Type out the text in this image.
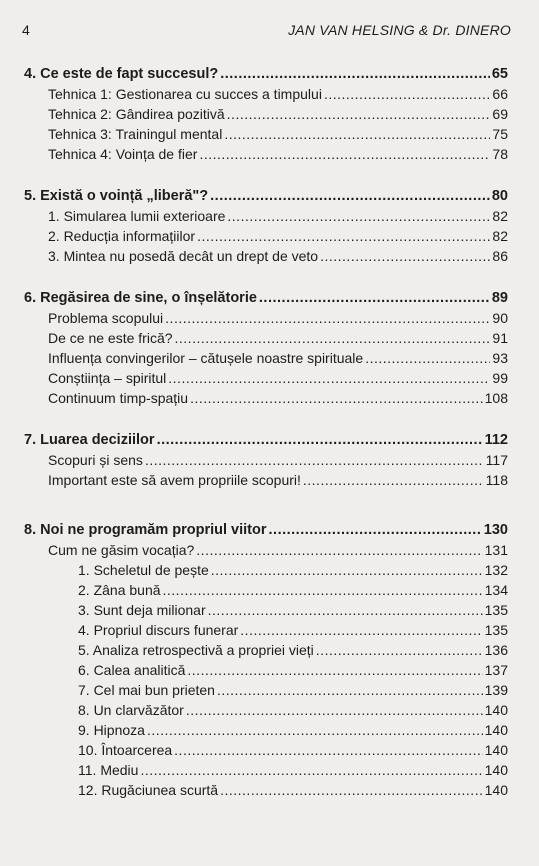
4	JAN VAN HELSING & Dr. DINERO
4. Ce este de fapt succesul? .....	65
Tehnica 1: Gestionarea cu succes a timpului .....	66
Tehnica 2: Gândirea pozitivă .....	69
Tehnica 3: Trainingul mental .....	75
Tehnica 4: Voința de fier .....	78
5. Există o voință „liberă"? .....	80
1. Simularea lumii exterioare .....	82
2. Reducția informațiilor .....	82
3. Mintea nu posedă decât un drept de veto .....	86
6. Regăsirea de sine, o înșelătorie .....	89
Problema scopului .....	90
De ce ne este frică? .....	91
Influența convingerilor – cătușele noastre spirituale .....	93
Conștiința – spiritul .....	99
Continuum timp-spațiu .....	108
7. Luarea deciziilor .....	112
Scopuri și sens .....	117
Important este să avem propriile scopuri! .....	118
8. Noi ne programăm propriul viitor .....	130
Cum ne găsim vocația? .....	131
1. Scheletul de pește .....	132
2. Zâna bună .....	134
3. Sunt deja milionar .....	135
4. Propriul discurs funerar .....	135
5. Analiza retrospectivă a propriei vieți .....	136
6. Calea analitică .....	137
7. Cel mai bun prieten .....	139
8. Un clarvăzător .....	140
9. Hipnoza .....	140
10. Întoarcerea .....	140
11. Mediu .....	140
12. Rugăciunea scurtă .....	140
